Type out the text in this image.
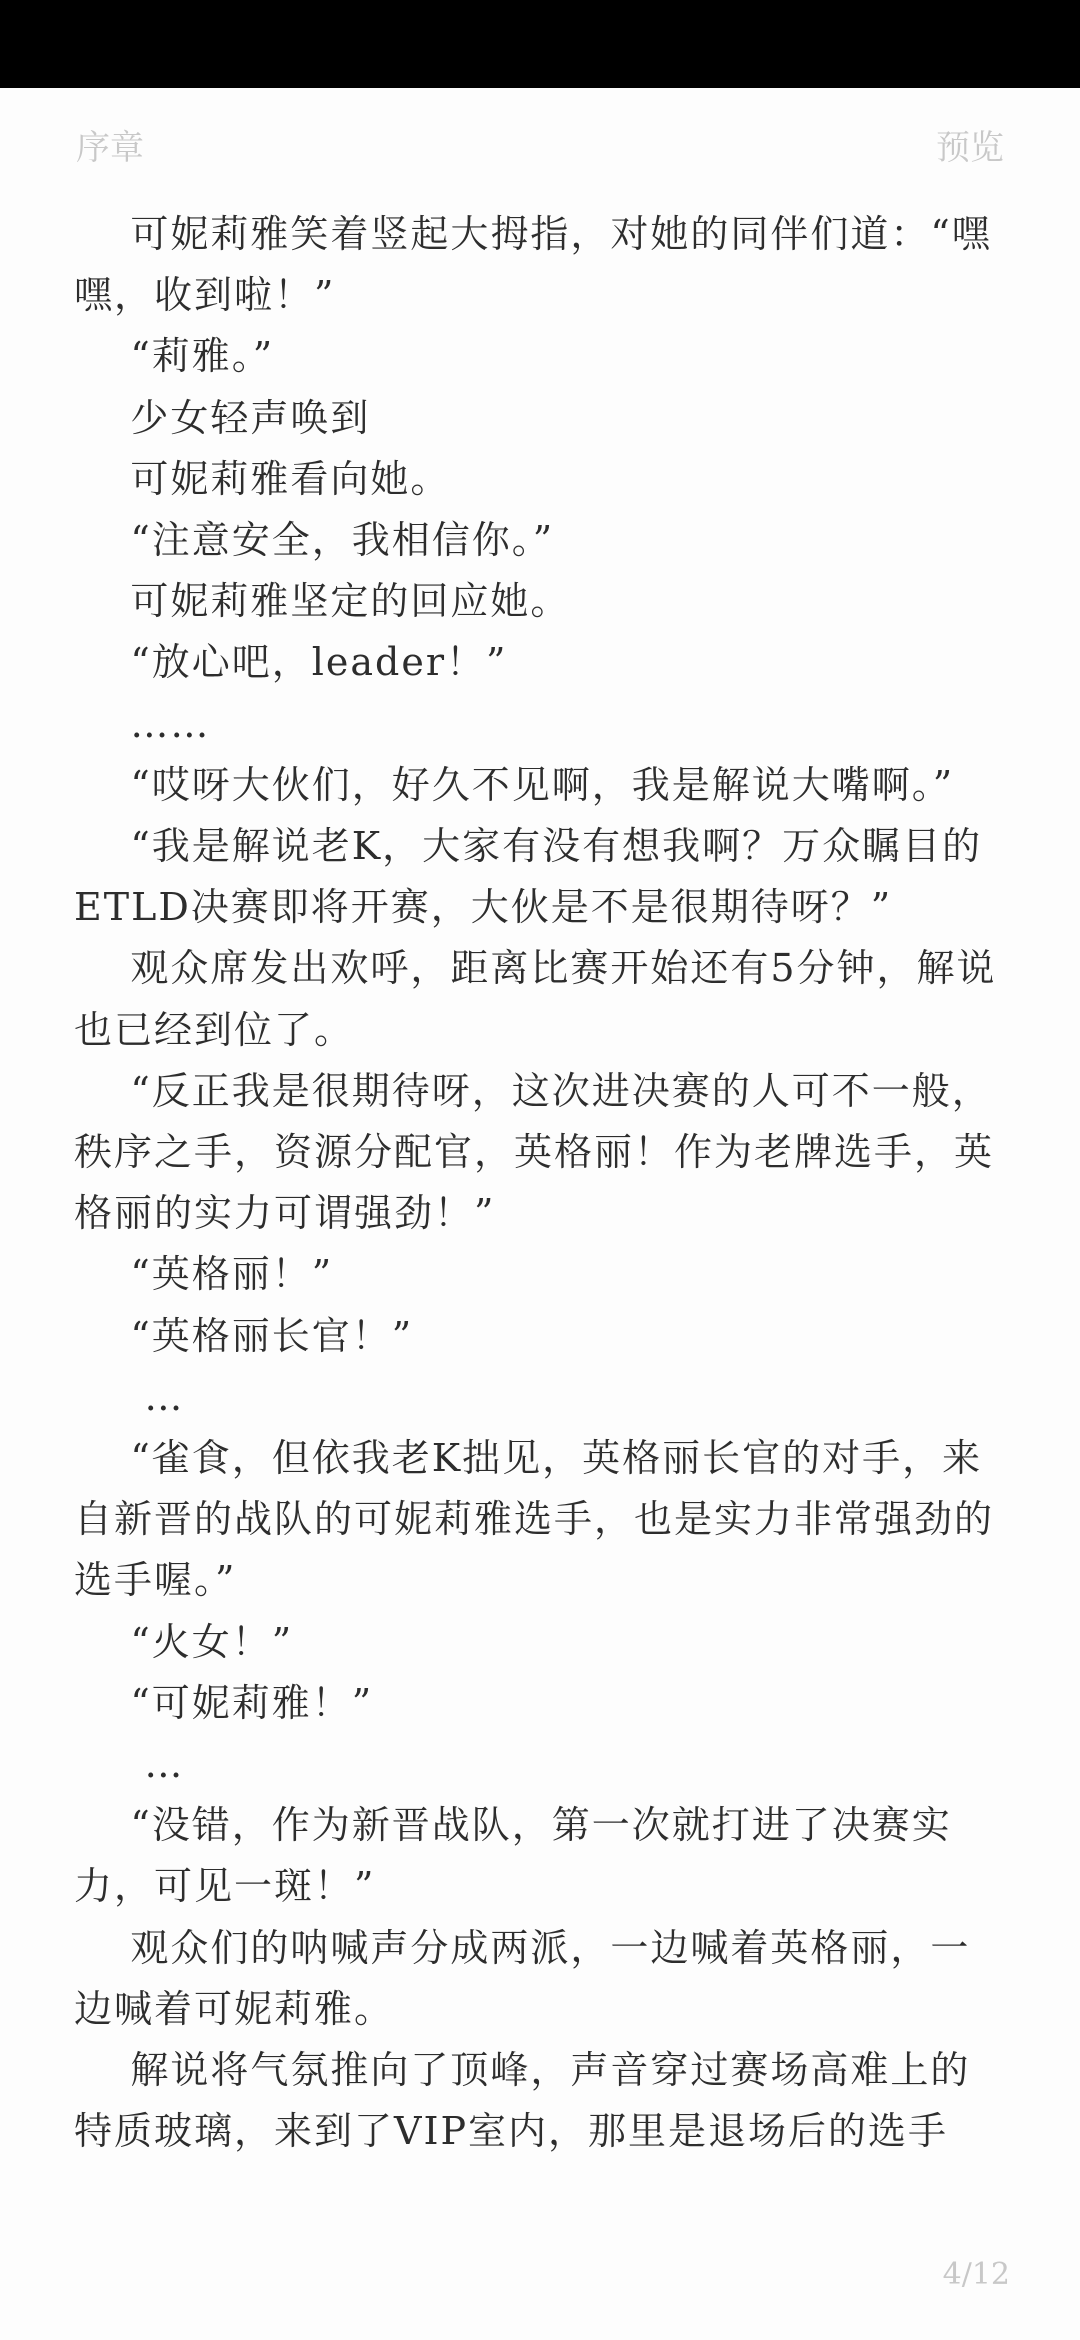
序章	预览

可妮莉雅笑着竖起大拇指，对她的同伴们道：“嘿嘿，收到啦！”

“莉雅。”

少女轻声唤到

可妮莉雅看向她。

“注意安全，我相信你。”

可妮莉雅坚定的回应她。

“放心吧，leader！”

……

“哎呀大伙们，好久不见啊，我是解说大嘴啊。”

“我是解说老K，大家有没有想我啊？万众瞩目的ETLD决赛即将开赛，大伙是不是很期待呀？”

观众席发出欢呼，距离比赛开始还有5分钟，解说也已经到位了。

“反正我是很期待呀，这次进决赛的人可不一般，秩序之手，资源分配官，英格丽！作为老牌选手，英格丽的实力可谓强劲！”

“英格丽！”

“英格丽长官！”

…

“雀食，但依我老K拙见，英格丽长官的对手，来自新晋的战队的可妮莉雅选手，也是实力非常强劲的选手喔。”

“火女！”

“可妮莉雅！”

…

“没错，作为新晋战队，第一次就打进了决赛实力，可见一斑！”

观众们的呐喊声分成两派，一边喊着英格丽，一边喊着可妮莉雅。

解说将气氛推向了顶峰，声音穿过赛场高难上的特质玻璃，来到了VIP室内，那里是退场后的选手

4/12
